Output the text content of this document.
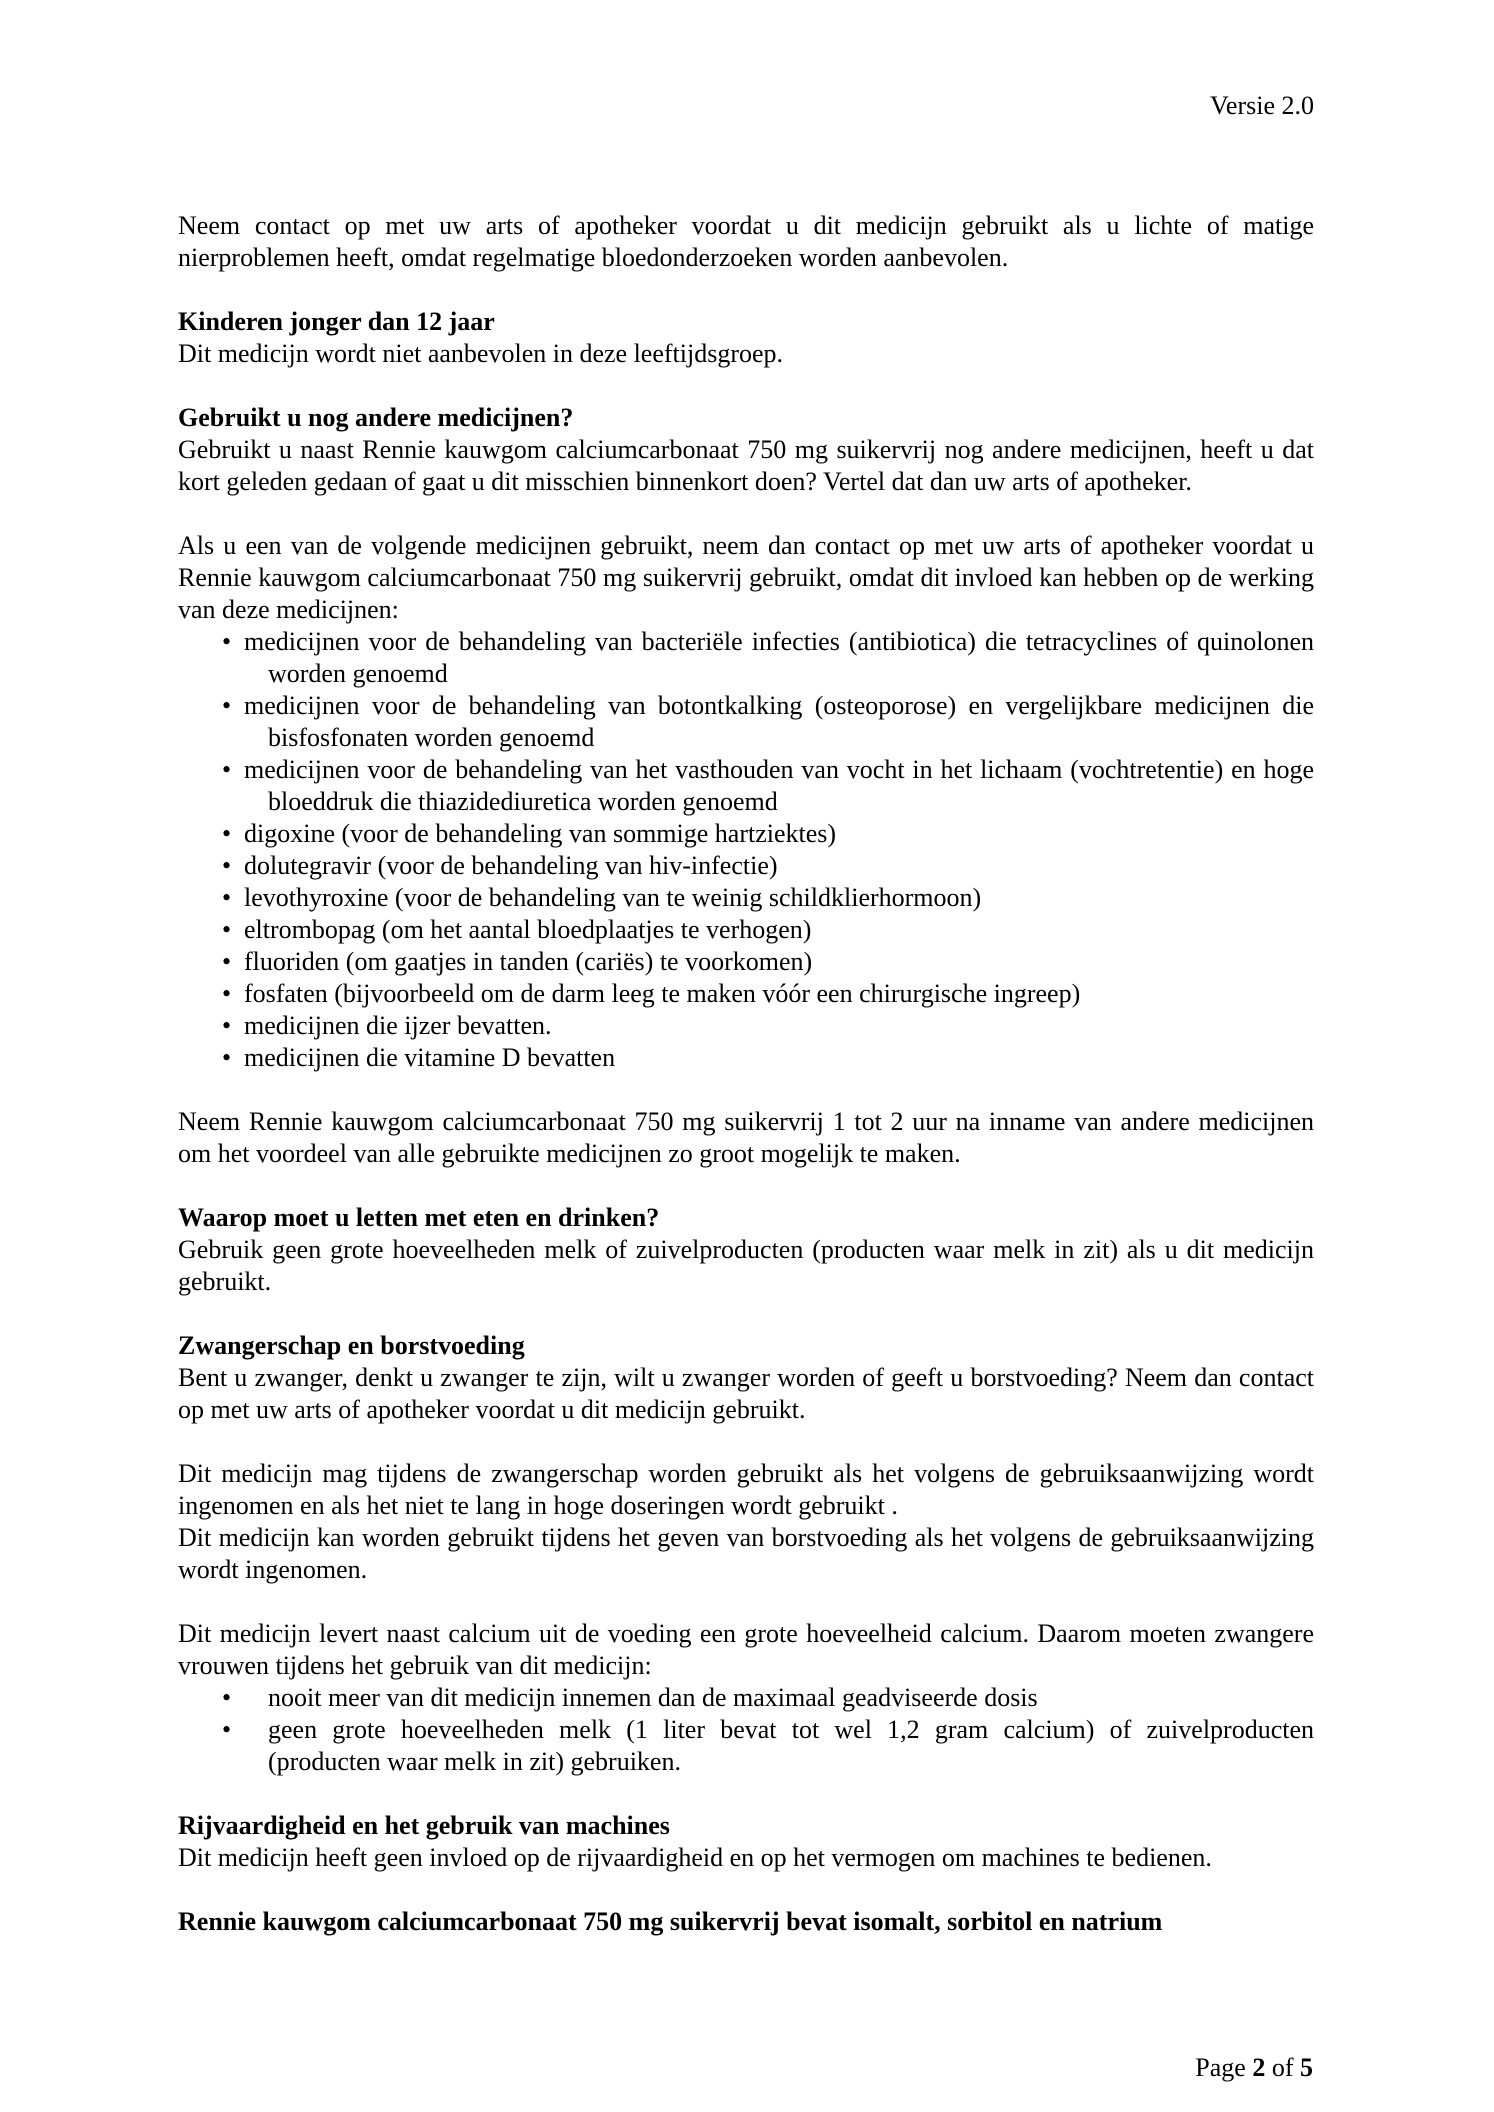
Versie 2.0

Neem contact op met uw arts of apotheker voordat u dit medicijn gebruikt als u lichte of matige nierproblemen heeft, omdat regelmatige bloedonderzoeken worden aanbevolen.

Kinderen jonger dan 12 jaar

Dit medicijn wordt niet aanbevolen in deze leeftijdsgroep.

Gebruikt u nog andere medicijnen?

Gebruikt u naast Rennie kauwgom calciumcarbonaat 750 mg suikervrij nog andere medicijnen, heeft u dat kort geleden gedaan of gaat u dit misschien binnenkort doen? Vertel dat dan uw arts of apotheker.

Als u een van de volgende medicijnen gebruikt, neem dan contact op met uw arts of apotheker voordat u Rennie kauwgom calciumcarbonaat 750 mg suikervrij gebruikt, omdat dit invloed kan hebben op de werking van deze medicijnen:

• medicijnen voor de behandeling van bacteriële infecties (antibiotica) die tetracyclines of quinolonen worden genoemd
• medicijnen voor de behandeling van botontkalking (osteoporose) en vergelijkbare medicijnen die bisfosfonaten worden genoemd
• medicijnen voor de behandeling van het vasthouden van vocht in het lichaam (vochtretentie) en hoge bloeddruk die thiazidediuretica worden genoemd
• digoxine (voor de behandeling van sommige hartziektes)
• dolutegravir (voor de behandeling van hiv-infectie)
• levothyroxine (voor de behandeling van te weinig schildklierhormoon)
• eltrombopag (om het aantal bloedplaatjes te verhogen)
• fluoriden (om gaatjes in tanden (cariës) te voorkomen)
• fosfaten (bijvoorbeeld om de darm leeg te maken vóór een chirurgische ingreep)
• medicijnen die ijzer bevatten.
• medicijnen die vitamine D bevatten

Neem Rennie kauwgom calciumcarbonaat 750 mg suikervrij 1 tot 2 uur na inname van andere medicijnen om het voordeel van alle gebruikte medicijnen zo groot mogelijk te maken.

Waarop moet u letten met eten en drinken?

Gebruik geen grote hoeveelheden melk of zuivelproducten (producten waar melk in zit) als u dit medicijn gebruikt.

Zwangerschap en borstvoeding

Bent u zwanger, denkt u zwanger te zijn, wilt u zwanger worden of geeft u borstvoeding? Neem dan contact op met uw arts of apotheker voordat u dit medicijn gebruikt.

Dit medicijn mag tijdens de zwangerschap worden gebruikt als het volgens de gebruiksaanwijzing wordt ingenomen en als het niet te lang in hoge doseringen wordt gebruikt .

Dit medicijn kan worden gebruikt tijdens het geven van borstvoeding als het volgens de gebruiksaanwijzing wordt ingenomen.

Dit medicijn levert naast calcium uit de voeding een grote hoeveelheid calcium. Daarom moeten zwangere vrouwen tijdens het gebruik van dit medicijn:

• nooit meer van dit medicijn innemen dan de maximaal geadviseerde dosis
• geen grote hoeveelheden melk (1 liter bevat tot wel 1,2 gram calcium) of zuivelproducten (producten waar melk in zit) gebruiken.
Rijvaardigheid en het gebruik van machines

Dit medicijn heeft geen invloed op de rijvaardigheid en op het vermogen om machines te bedienen.

Rennie kauwgom calciumcarbonaat 750 mg suikervrij bevat isomalt, sorbitol en natrium
Page 2 of 5
